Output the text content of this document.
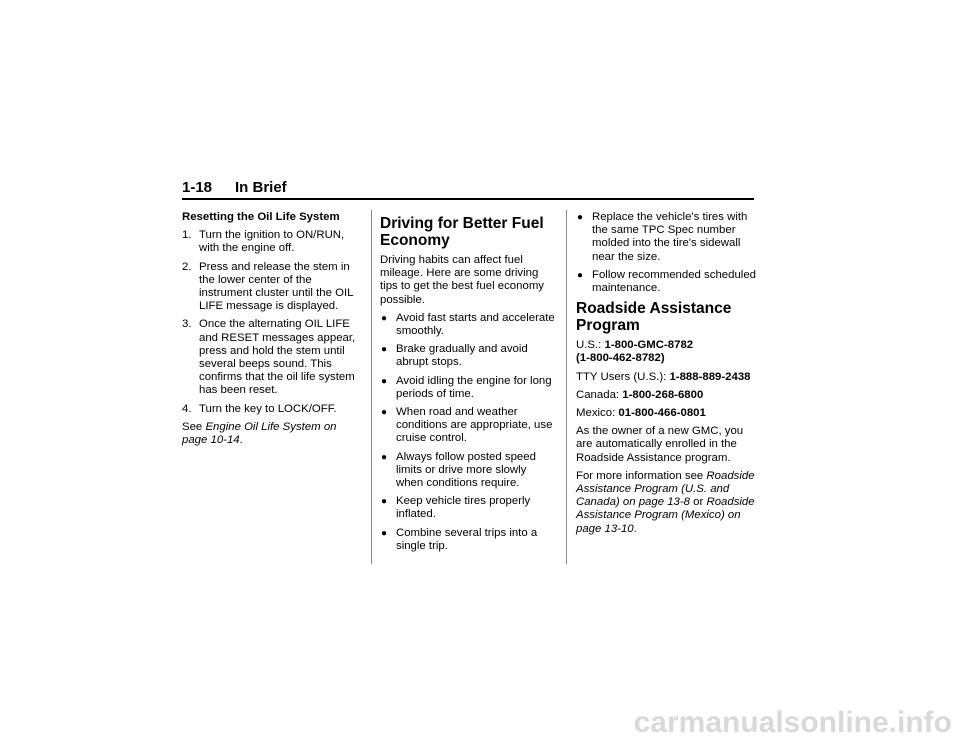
1-18 In Brief

Resetting the Oil Life System

1. Turn the ignition to ON/RUN, with the engine off.
2. Press and release the stem in the lower center of the instrument cluster until the OIL LIFE message is displayed.
3. Once the alternating OIL LIFE and RESET messages appear, press and hold the stem until several beeps sound. This confirms that the oil life system has been reset.
4. Turn the key to LOCK/OFF.

See Engine Oil Life System on page 10-14.

Driving for Better Fuel Economy

Driving habits can affect fuel mileage. Here are some driving tips to get the best fuel economy possible.

● Avoid fast starts and accelerate smoothly.
● Brake gradually and avoid abrupt stops.
● Avoid idling the engine for long periods of time.
● When road and weather conditions are appropriate, use cruise control.
● Always follow posted speed limits or drive more slowly when conditions require.
● Keep vehicle tires properly inflated.
● Combine several trips into a single trip.
● Replace the vehicle's tires with the same TPC Spec number molded into the tire's sidewall near the size.
● Follow recommended scheduled maintenance.
Roadside Assistance Program

U.S.: 1-800-GMC-8782
(1-800-462-8782)

TTY Users (U.S.): 1-888-889-2438

Canada: 1-800-268-6800

Mexico: 01-800-466-0801

As the owner of a new GMC, you are automatically enrolled in the Roadside Assistance program.

For more information see Roadside Assistance Program (U.S. and Canada) on page 13-8 or Roadside Assistance Program (Mexico) on page 13-10.

carmanualsonline.info
